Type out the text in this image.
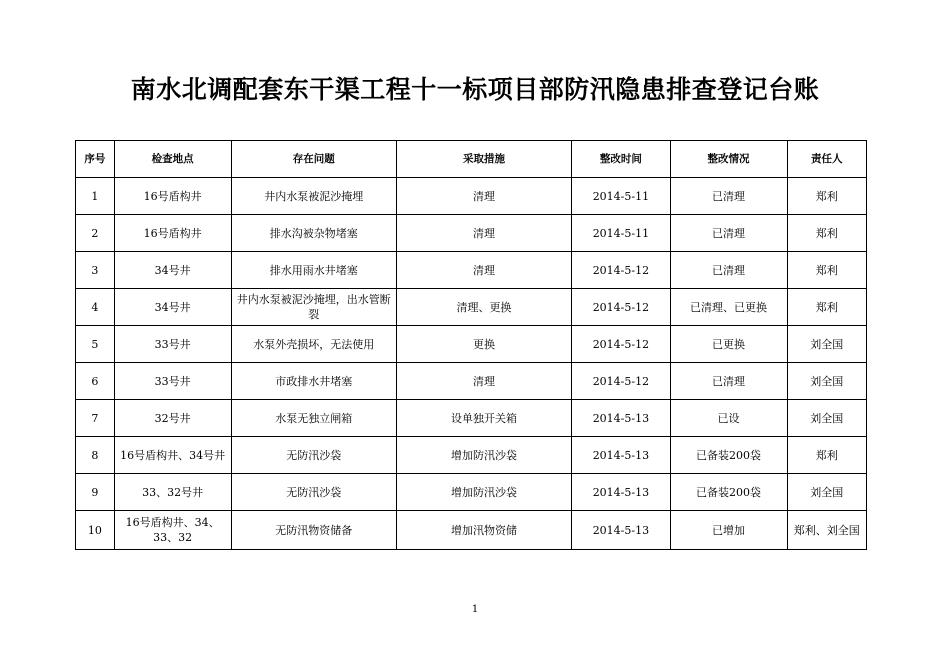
南水北调配套东干渠工程十一标项目部防汛隐患排查登记台账
序号	检查地点	存在问题	采取措施	整改时间	整改情况	责任人
1	16号盾构井	井内水泵被泥沙掩埋	清理	2014-5-11	已清理	郑利
2	16号盾构井	排水沟被杂物堵塞	清理	2014-5-11	已清理	郑利
3	34号井	排水用雨水井堵塞	清理	2014-5-12	已清理	郑利
4	34号井	井内水泵被泥沙掩埋，出水管断裂	清理、更换	2014-5-12	已清理、已更换	郑利
5	33号井	水泵外壳损坏，无法使用	更换	2014-5-12	已更换	刘全国
6	33号井	市政排水井堵塞	清理	2014-5-12	已清理	刘全国
7	32号井	水泵无独立闸箱	设单独开关箱	2014-5-13	已设	刘全国
8	16号盾构井、34号井	无防汛沙袋	增加防汛沙袋	2014-5-13	已备装200袋	郑利
9	33、32号井	无防汛沙袋	增加防汛沙袋	2014-5-13	已备装200袋	刘全国
10	16号盾构井、34、33、32	无防汛物资储备	增加汛物资储	2014-5-13	已增加	郑利、刘全国
1
